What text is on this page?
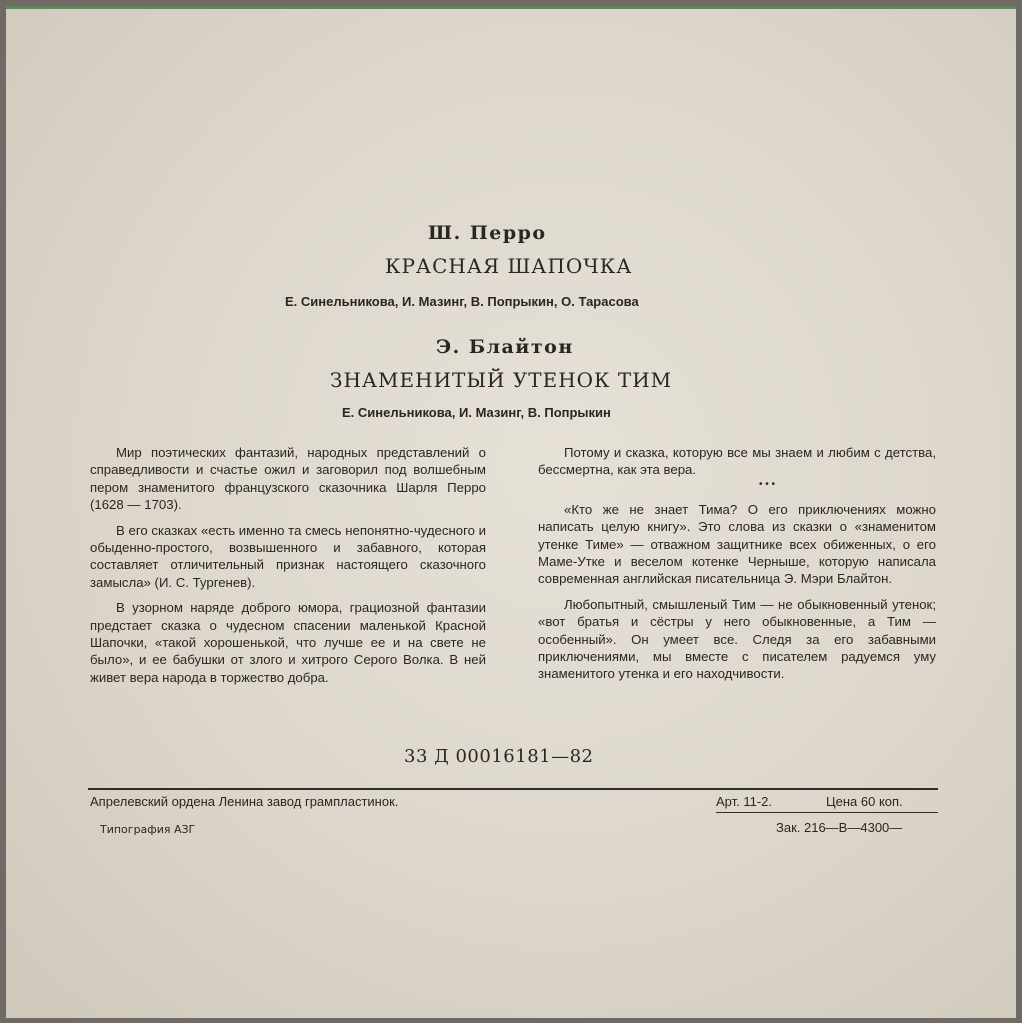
Ш. Перро
КРАСНАЯ ШАПОЧКА
Е. Синельникова, И. Мазинг, В. Попрыкин, О. Тарасова
Э. Блайтон
ЗНАМЕНИТЫЙ УТЕНОК ТИМ
Е. Синельникова, И. Мазинг, В. Попрыкин

Мир поэтических фантазий, народных представлений о справедливости и счастье ожил и заговорил под волшебным пером знаменитого французского сказочника Шарля Перро (1628 — 1703).

В его сказках «есть именно та смесь непонятно-чудесного и обыденно-простого, возвышенного и забавного, которая составляет отличительный признак настоящего сказочного замысла» (И. С. Тургенев).

В узорном наряде доброго юмора, грациозной фантазии предстает сказка о чудесном спасении маленькой Красной Шапочки, «такой хорошенькой, что лучше ее и на свете не было», и ее бабушки от злого и хитрого Серого Волка. В ней живет вера народа в торжество добра.

Потому и сказка, которую все мы знаем и любим с детства, бессмертна, как эта вера.

• • •

«Кто же не знает Тима? О его приключениях можно написать целую книгу». Это слова из сказки о «знаменитом утенке Тиме» — отважном защитнике всех обиженных, о его Маме-Утке и веселом котенке Черныше, которую написала современная английская писательница Э. Мэри Блайтон.

Любопытный, смышленый Тим — не обыкновенный утенок; «вот братья и сёстры у него обыкновенные, а Тим — особенный». Он умеет все. Следя за его забавными приключениями, мы вместе с писателем радуемся уму знаменитого утенка и его находчивости.

33 Д 00016181—82
Апрелевский ордена Ленина завод грампластинок.	Арт. 11-2.	Цена 60 коп.
Типография АЗГ	Зак. 216—В—4300—
